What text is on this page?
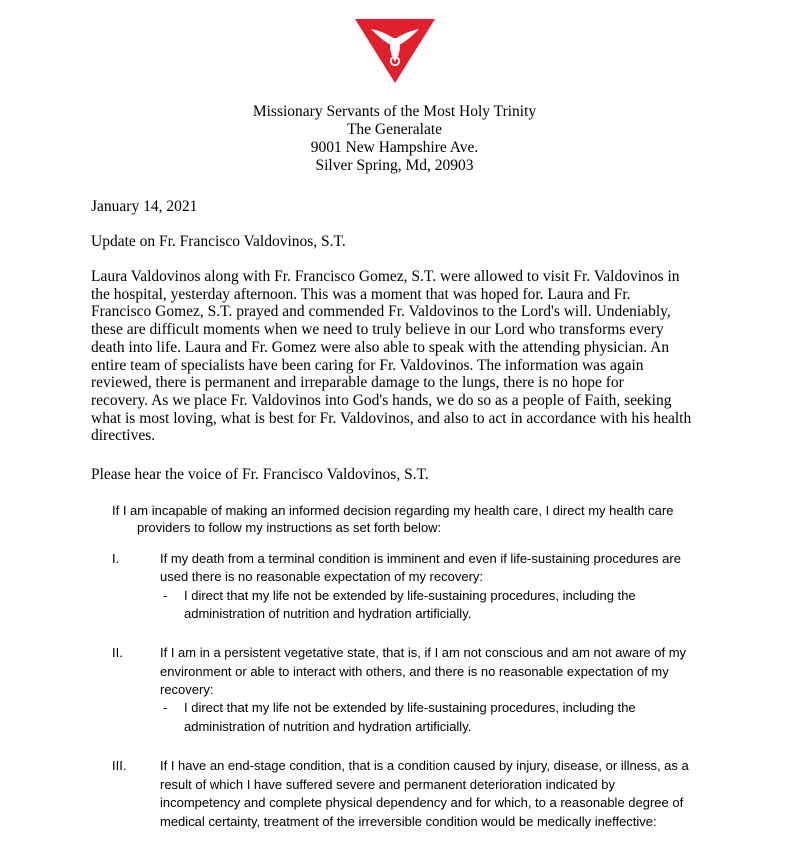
Missionary Servants of the Most Holy Trinity
The Generalate
9001 New Hampshire Ave.
Silver Spring, Md, 20903
January 14, 2021
Update on Fr. Francisco Valdovinos, S.T.
Laura Valdovinos along with Fr. Francisco Gomez, S.T. were allowed to visit Fr. Valdovinos in
the hospital, yesterday afternoon. This was a moment that was hoped for. Laura and Fr.
Francisco Gomez, S.T. prayed and commended Fr. Valdovinos to the Lord's will. Undeniably,
these are difficult moments when we need to truly believe in our Lord who transforms every
death into life. Laura and Fr. Gomez were also able to speak with the attending physician. An
entire team of specialists have been caring for Fr. Valdovinos. The information was again
reviewed, there is permanent and irreparable damage to the lungs, there is no hope for
recovery. As we place Fr. Valdovinos into God's hands, we do so as a people of Faith, seeking
what is most loving, what is best for Fr. Valdovinos, and also to act in accordance with his health
directives.
Please hear the voice of Fr. Francisco Valdovinos, S.T.
If I am incapable of making an informed decision regarding my health care, I direct my health care
providers to follow my instructions as set forth below:
I.	If my death from a terminal condition is imminent and even if life-sustaining procedures are
used there is no reasonable expectation of my recovery:
- I direct that my life not be extended by life-sustaining procedures, including the
administration of nutrition and hydration artificially.
II.	If I am in a persistent vegetative state, that is, if I am not conscious and am not aware of my
environment or able to interact with others, and there is no reasonable expectation of my
recovery:
- I direct that my life not be extended by life-sustaining procedures, including the
administration of nutrition and hydration artificially.
III.	If I have an end-stage condition, that is a condition caused by injury, disease, or illness, as a
result of which I have suffered severe and permanent deterioration indicated by
incompetency and complete physical dependency and for which, to a reasonable degree of
medical certainty, treatment of the irreversible condition would be medically ineffective:
